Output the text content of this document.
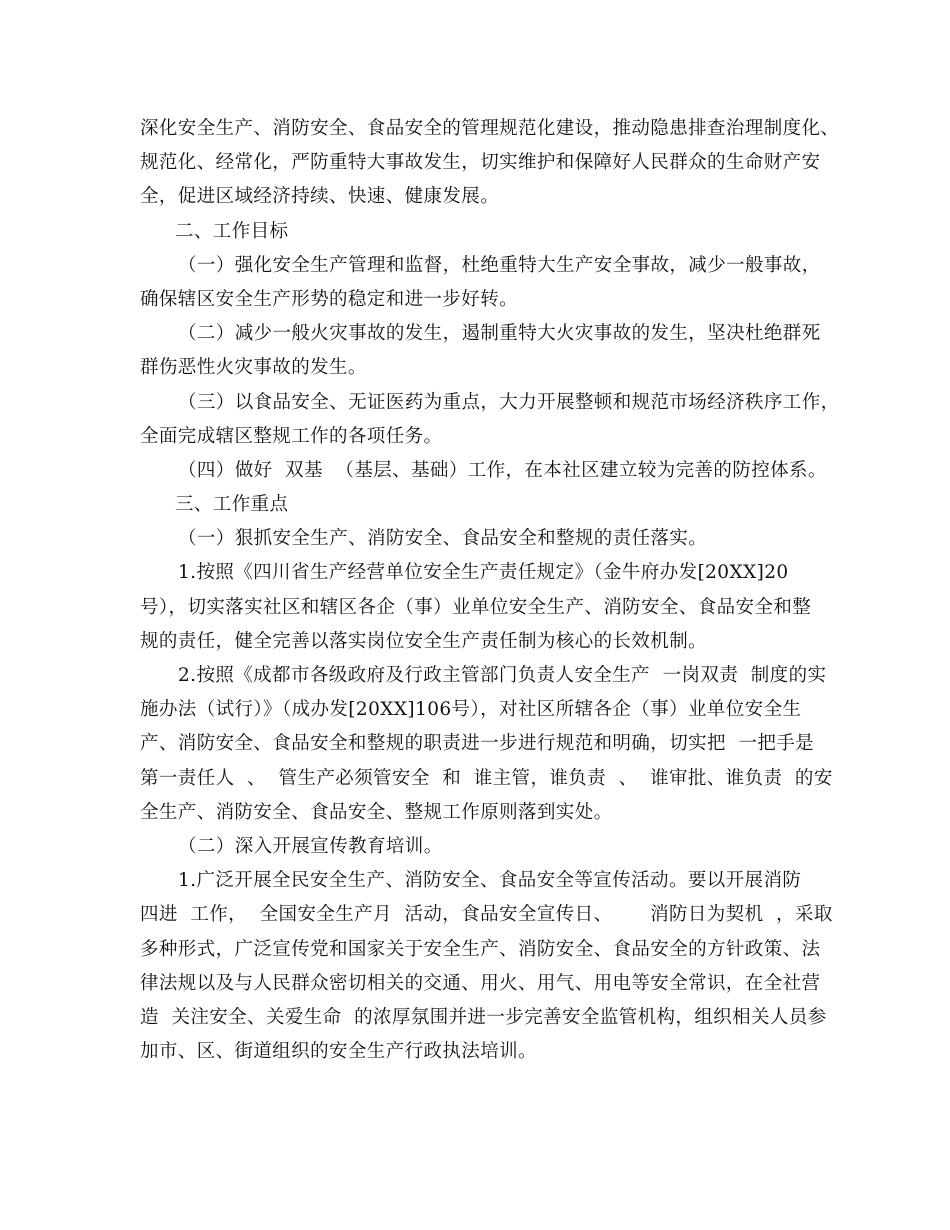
深化安全生产、消防安全、食品安全的管理规范化建设，推动隐患排查治理制度化、
规范化、经常化，严防重特大事故发生，切实维护和保障好人民群众的生命财产安
全，促进区域经济持续、快速、健康发展。
二、工作目标
（一）强化安全生产管理和监督，杜绝重特大生产安全事故，减少一般事故，
确保辖区安全生产形势的稳定和进一步好转。
（二）减少一般火灾事故的发生，遏制重特大火灾事故的发生，坚决杜绝群死
群伤恶性火灾事故的发生。
（三）以食品安全、无证医药为重点，大力开展整顿和规范市场经济秩序工作，
全面完成辖区整规工作的各项任务。
（四）做好  双基  （基层、基础）工作，在本社区建立较为完善的防控体系。
三、工作重点
（一）狠抓安全生产、消防安全、食品安全和整规的责任落实。
1.按照《四川省生产经营单位安全生产责任规定》（金牛府办发[20XX]20
号），切实落实社区和辖区各企（事）业单位安全生产、消防安全、食品安全和整
规的责任，健全完善以落实岗位安全生产责任制为核心的长效机制。
2.按照《成都市各级政府及行政主管部门负责人安全生产  一岗双责  制度的实
施办法（试行）》（成办发[20XX]106号），对社区所辖各企（事）业单位安全生
产、消防安全、食品安全和整规的职责进一步进行规范和明确，切实把  一把手是
第一责任人  、  管生产必须管安全  和  谁主管，谁负责  、  谁审批、谁负责  的安
全生产、消防安全、食品安全、整规工作原则落到实处。
（二）深入开展宣传教育培训。
1.广泛开展全民安全生产、消防安全、食品安全等宣传活动。要以开展消防
四进  工作，  全国安全生产月  活动，食品安全宣传日、      消防日为契机  ，采取
多种形式，广泛宣传党和国家关于安全生产、消防安全、食品安全的方针政策、法
律法规以及与人民群众密切相关的交通、用火、用气、用电等安全常识，在全社营
造  关注安全、关爱生命  的浓厚氛围并进一步完善安全监管机构，组织相关人员参
加市、区、街道组织的安全生产行政执法培训。
